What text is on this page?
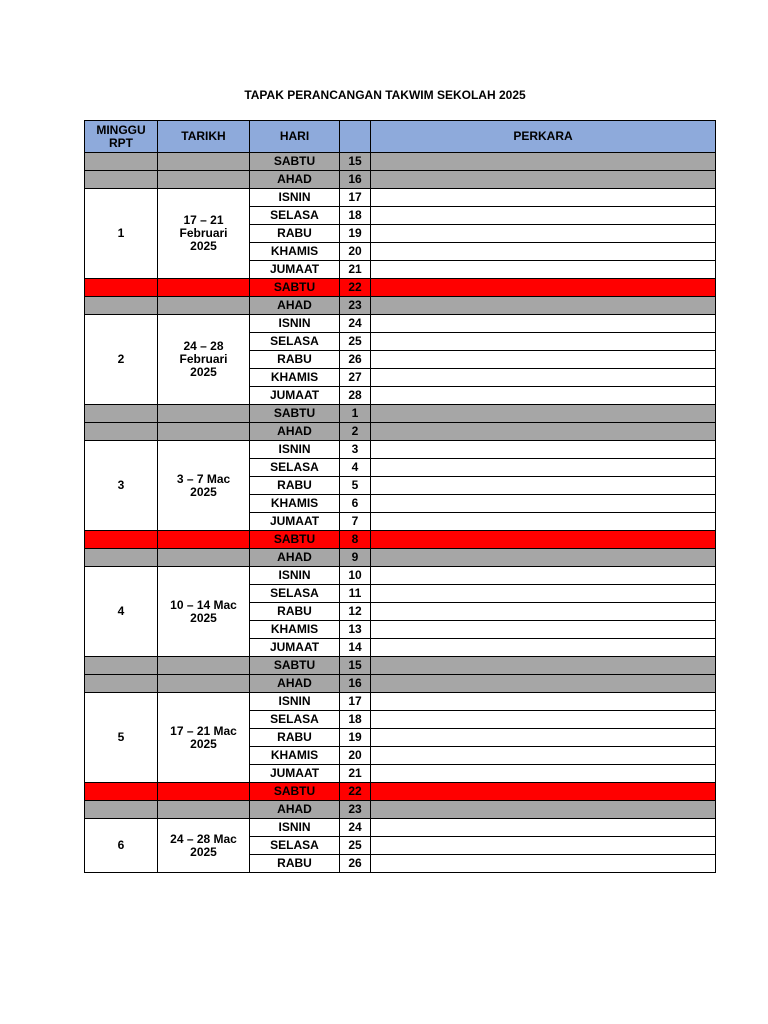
TAPAK PERANCANGAN TAKWIM SEKOLAH 2025
MINGGU RPT	TARIKH	HARI		PERKARA
		SABTU	15	
		AHAD	16	
1	17 – 21 Februari 2025	ISNIN	17	
		SELASA	18	
		RABU	19	
		KHAMIS	20	
		JUMAAT	21	
		SABTU	22	
		AHAD	23	
2	24 – 28 Februari 2025	ISNIN	24	
		SELASA	25	
		RABU	26	
		KHAMIS	27	
		JUMAAT	28	
		SABTU	1	
		AHAD	2	
3	3 – 7 Mac 2025	ISNIN	3	
		SELASA	4	
		RABU	5	
		KHAMIS	6	
		JUMAAT	7	
		SABTU	8	
		AHAD	9	
4	10 – 14 Mac 2025	ISNIN	10	
		SELASA	11	
		RABU	12	
		KHAMIS	13	
		JUMAAT	14	
		SABTU	15	
		AHAD	16	
5	17 – 21 Mac 2025	ISNIN	17	
		SELASA	18	
		RABU	19	
		KHAMIS	20	
		JUMAAT	21	
		SABTU	22	
		AHAD	23	
6	24 – 28 Mac 2025	ISNIN	24	
		SELASA	25	
		RABU	26	
